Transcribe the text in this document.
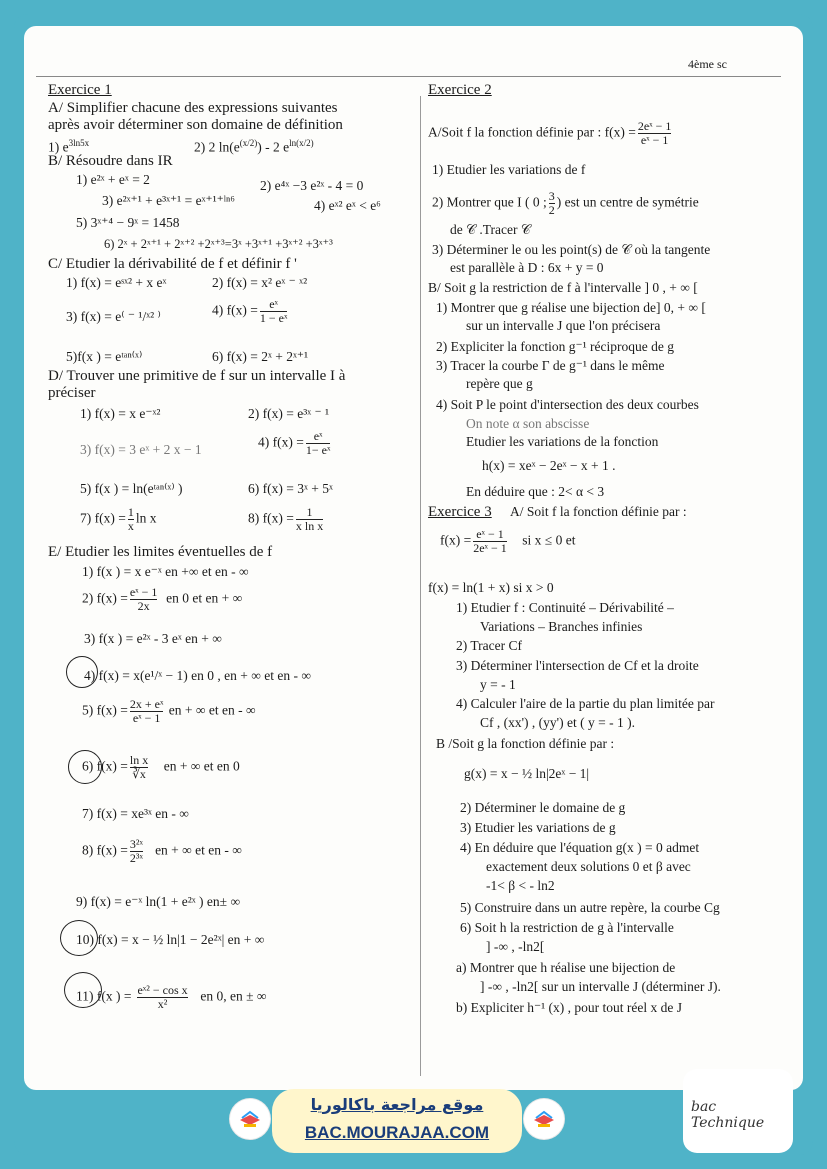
4ème sc
Exercice 1
A/ Simplifier chacune des expressions suivantes
après avoir déterminer son domaine de définition
1) $e^{3ln5x}$	2) 2 $\ln(e^{(x/2)}) - 2$ $e^{ln(x/2)}$
B/ Résoudre dans IR
1) e²ˣ + eˣ = 2	2) e⁴ˣ −3 e²ˣ - 4 = 0
3) e²ˣ⁺¹ + e³ˣ⁺¹ = eˣ⁺¹⁺ˡⁿ⁶	4) eˣ² eˣ < e⁶
5) 3ˣ⁺⁴ − 9ˣ = 1458
6) 2ˣ + 2ˣ⁺¹ + 2ˣ⁺² +2ˣ⁺³=3ˣ +3ˣ⁺¹ +3ˣ⁺² +3ˣ⁺³
C/ Etudier la dérivabilité de f et définir f '
1) f(x) = eˢˣ² + x eˣ	2) f(x) = x² eˣ ⁻ ˣ²
3) f(x) = e⁽ ⁻ ¹/ˣ² ⁾	4) $f(x) = \frac{\text{eˣ}}{\text{1 − eˣ}}$
5)f(x ) = eᵗᵃⁿ⁽ˣ⁾	6) f(x) = 2ˣ + 2ˣ⁺¹
D/ Trouver une primitive de f sur un intervalle I à
préciser
1) f(x) = x e⁻ˣ²	2) f(x) = e³ˣ ⁻ ¹
3) f(x) = 3 eˣ + 2 x − 1	4) $f(x) = \frac{\text{eˣ}}{\text{1− eˣ}}$
5) f(x ) = ln(eᵗᵃⁿ⁽ˣ⁾ )	6) f(x) = 3ˣ + 5ˣ
7) $f(x) = \frac{1}{x}$ ln x	8) $f(x) = \frac{1}{\text{x ln x}}$
E/ Etudier les limites éventuelles de f
1) f(x ) = x e⁻ˣ en +∞ et en - ∞
2) $f(x) = \frac{\text{eˣ − 1}}{2x}$ en 0 et en + ∞
3) f(x ) = e²ˣ - 3 eˣ en + ∞
4) f(x) = x(e¹/ˣ − 1) en 0 , en + ∞ et en - ∞
5) $f(x) = \frac{\text{2x + eˣ}}{\text{eˣ − 1}}$ en + ∞ et en - ∞
6) $f(x) = \frac{\text{ln x}}{∛x}$ en + ∞ et en 0
7) f(x) = xe³ˣ en - ∞
8) $f(x) = \frac{\text{3²ˣ}}{\text{2³ˣ}}$ en + ∞ et en - ∞
9) f(x) = e⁻ˣ ln(1 + e²ˣ ) en± ∞
10) f(x) = x − ½ ln|1 − 2e²ˣ| en + ∞
11) f(x ) = $\frac{\text{eˣ² − cos x}}{\text{x²}}$ en 0, en ± ∞
Exercice 2
A/Soit f la fonction définie par : $f(x) = \frac{\text{2eˣ − 1}}{\text{eˣ − 1}}$
1) Etudier les variations de f
2) Montrer que I ( 0 ; $\frac{3}{2}$ ) est un centre de symétrie
de 𝒞 .Tracer 𝒞
3) Déterminer le ou les point(s) de 𝒞 où la tangente
est parallèle à D : 6x + y = 0
B/ Soit g la restriction de f à l'intervalle ] 0 , + ∞ [
1) Montrer que g réalise une bijection de] 0, + ∞ [
sur un intervalle J que l'on précisera
2) Expliciter la fonction g⁻¹ réciproque de g
3) Tracer la courbe Γ de g⁻¹ dans le même
repère que g
4) Soit P le point d'intersection des deux courbes
On note α son abscisse
Etudier les variations de la fonction
h(x) = xeˣ − 2eˣ − x + 1 .
En déduire que : 2< α < 3
Exercice 3 A/ Soit f la fonction définie par :
$f(x) = \frac{\text{eˣ − 1}}{\text{2eˣ − 1}}$ si x ≤ 0 et
f(x) = ln(1 + x) si x > 0
1) Etudier f : Continuité – Dérivabilité –
Variations – Branches infinies
2) Tracer Cf
3) Déterminer l'intersection de Cf et la droite
y = - 1
4) Calculer l'aire de la partie du plan limitée par
Cf , (xx') , (yy') et ( y = - 1 ).
B /Soit g la fonction définie par :
g(x) = x − ½ ln|2eˣ − 1|
2) Déterminer le domaine de g
3) Etudier les variations de g
4) En déduire que l'équation g(x ) = 0 admet
exactement deux solutions 0 et β avec
-1< β < - ln2
5) Construire dans un autre repère, la courbe Cg
6) Soit h la restriction de g à l'intervalle
] -∞ , -ln2[
a) Montrer que h réalise une bijection de
] -∞ , -ln2[ sur un intervalle J (déterminer J).
b) Expliciter h⁻¹ (x) , pour tout réel x de J
موقع مراجعة باكالوريا
BAC.MOURAJAA.COM
bac Technique
